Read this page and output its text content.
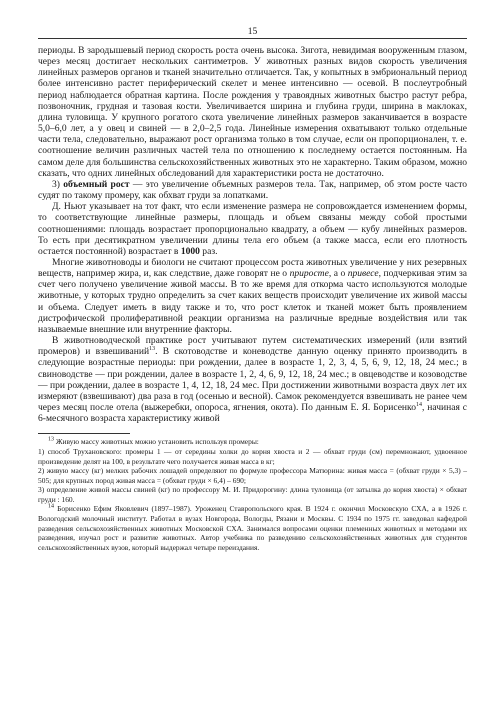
15

периоды. В зародышевый период скорость роста очень высока. Зигота, невидимая вооруженным глазом, через месяц достигает нескольких сантиметров. У животных разных видов скорость увеличения линейных размеров органов и тканей значительно отличается. Так, у копытных в эмбриональный период более интенсивно растет периферический скелет и менее интенсивно — осевой. В послеутробный период наблюдается обратная картина. После рождения у травоядных животных быстро растут ребра, позвоночник, грудная и тазовая кости. Увеличивается ширина и глубина груди, ширина в маклоках, длина туловища. У крупного рогатого скота увеличение линейных размеров заканчивается в возрасте 5,0–6,0 лет, а у овец и свиней — в 2,0–2,5 года. Линейные измерения охватывают только отдельные части тела, следовательно, выражают рост организма только в том случае, если он пропорционален, т. е. соотношение величин различных частей тела по отношению к последнему остается постоянным. На самом деле для большинства сельскохозяйственных животных это не характерно. Таким образом, можно сказать, что одних линейных обследований для характеристики роста не достаточно.

3) объемный рост — это увеличение объемных размеров тела. Так, например, об этом росте часто судят по такому промеру, как обхват груди за лопатками.

Д. Ньют указывает на тот факт, что если изменение размера не сопровождается изменением формы, то соответствующие линейные размеры, площадь и объем связаны между собой простыми соотношениями: площадь возрастает пропорционально квадрату, а объем — кубу линейных размеров. То есть при десятикратном увеличении длины тела его объем (а также масса, если его плотность остается постоянной) возрастает в 1000 раз.

Многие животноводы и биологи не считают процессом роста животных увеличение у них резервных веществ, например жира, и, как следствие, даже говорят не о приросте, а о привесе, подчеркивая этим за счет чего получено увеличение живой массы. В то же время для откорма часто используются молодые животные, у которых трудно определить за счет каких веществ происходит увеличение их живой массы и объема. Следует иметь в виду также и то, что рост клеток и тканей может быть проявлением дистрофической пролиферативной реакции организма на различные вредные воздействия или так называемые внешние или внутренние факторы.

В животноводческой практике рост учитывают путем систематических измерений (или взятий промеров) и взвешиваний$^{13}$. В скотоводстве и коневодстве данную оценку принято производить в следующие возрастные периоды: при рождении, далее в возрасте 1, 2, 3, 4, 5, 6, 9, 12, 18, 24 мес.; в свиноводстве — при рождении, далее в возрасте 1, 2, 4, 6, 9, 12, 18, 24 мес.; в овцеводстве и козоводстве — при рождении, далее в возрасте 1, 4, 12, 18, 24 мес. При достижении животными возраста двух лет их измеряют (взвешивают) два раза в год (осенью и весной). Самок рекомендуется взвешивать не ранее чем через месяц после отела (выжеребки, опороса, ягнения, окота). По данным Е. Я. Борисенко$^{14}$, начиная с 6-месячного возраста характеристику живой

$^{13}$ Живую массу животных можно установить используя промеры:

1) способ Трухановского: промеры 1 — от середины холки до корня хвоста и 2 — обхват груди (см) перемножают, удвоенное произведение делят на 100, в результате чего получается живая масса в кг;

2) живую массу (кг) мелких рабочих лошадей определяют по формуле профессора Матюрина: живая масса = (обхват груди × 5,3) – 505; для крупных пород живая масса = (обхват груди × 6,4) – 690;

3) определение живой массы свиней (кг) по профессору М. И. Придорогину: длина туловища (от затылка до корня хвоста) × обхват груди : 160.

$^{14}$ Борисенко Ефим Яковлевич (1897–1987). Уроженец Ставропольского края. В 1924 г. окончил Московскую СХА, а в 1926 г. Вологодский молочный институт. Работал в вузах Новгорода, Вологды, Рязани и Москвы. С 1934 по 1975 гг. заведовал кафедрой разведения сельскохозяйственных животных Московской СХА. Занимался вопросами оценки племенных животных и методами их разведения, изучал рост и развитие животных. Автор учебника по разведению сельскохозяйственных животных для студентов сельскохозяйственных вузов, который выдержал четыре переиздания.
